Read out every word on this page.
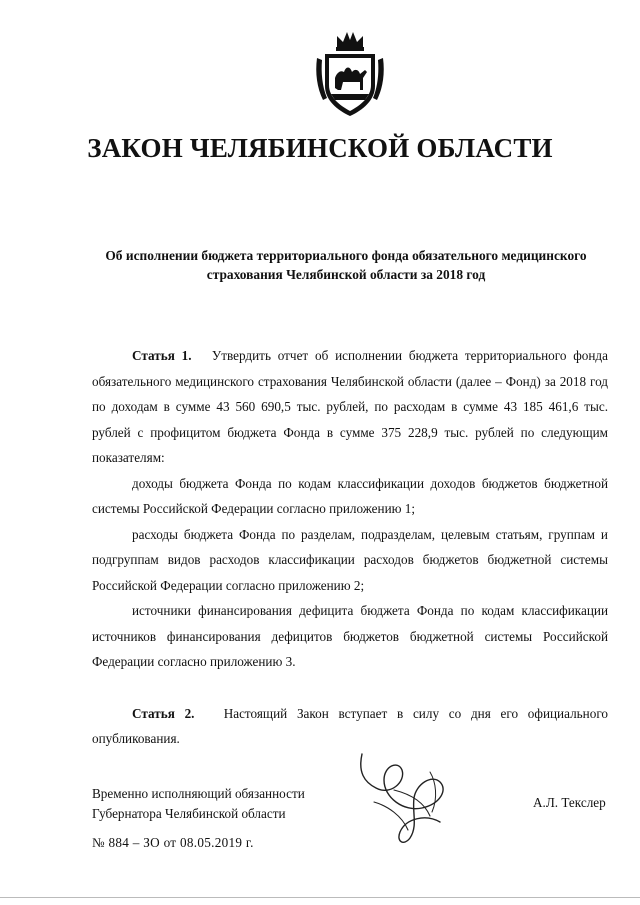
ЗАКОН ЧЕЛЯБИНСКОЙ ОБЛАСТИ
Об исполнении бюджета территориального фонда обязательного медицинского
страхования Челябинской области за 2018 год

Статья 1. Утвердить отчет об исполнении бюджета территориального фонда обязательного медицинского страхования Челябинской области (далее – Фонд) за 2018 год по доходам в сумме 43 560 690,5 тыс. рублей, по расходам в сумме 43 185 461,6 тыс. рублей с профицитом бюджета Фонда в сумме 375 228,9 тыс. рублей по следующим показателям:

доходы бюджета Фонда по кодам классификации доходов бюджетов бюджетной системы Российской Федерации согласно приложению 1;

расходы бюджета Фонда по разделам, подразделам, целевым статьям, группам и подгруппам видов расходов классификации расходов бюджетов бюджетной системы Российской Федерации согласно приложению 2;

источники финансирования дефицита бюджета Фонда по кодам классификации источников финансирования дефицитов бюджетов бюджетной системы Российской Федерации согласно приложению 3.

Статья 2. Настоящий Закон вступает в силу со дня его официального опубликования.

Временно исполняющий обязанности
Губернатора Челябинской области
А.Л. Текслер
№ 884 – ЗО от 08.05.2019 г.
